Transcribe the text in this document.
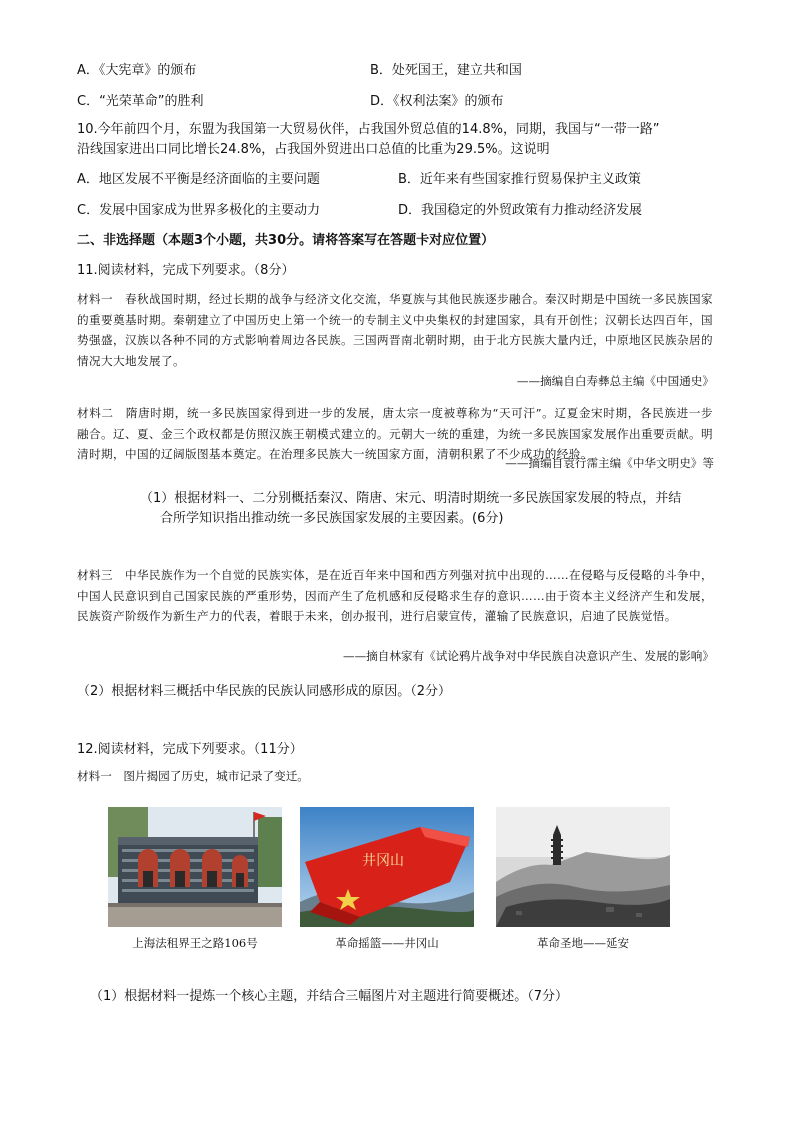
A．《大宪章》的颁布	B．处死国王，建立共和国
C．“光荣革命”的胜利	D．《权利法案》的颁布
10.今年前四个月，东盟为我国第一大贸易伙伴，占我国外贸总值的14.8%，同期，我国与“一带一路”
沿线国家进出口同比增长24.8%，占我国外贸进出口总值的比重为29.5%。这说明
A．地区发展不平衡是经济面临的主要问题	B．近年来有些国家推行贸易保护主义政策
C．发展中国家成为世界多极化的主要动力	D．我国稳定的外贸政策有力推动经济发展
二、非选择题（本题3个小题，共30分。请将答案写在答题卡对应位置）
11.阅读材料，完成下列要求。（8分）
材料一　春秋战国时期，经过长期的战争与经济文化交流，华夏族与其他民族逐步融合。秦汉时期是中国统一多民族国家的重要奠基时期。秦朝建立了中国历史上第一个统一的专制主义中央集权的封建国家，具有开创性；汉朝长达四百年，国势强盛，汉族以各种不同的方式影响着周边各民族。三国两晋南北朝时期，由于北方民族大量内迁，中原地区民族杂居的情况大大地发展了。
——摘编自白寿彝总主编《中国通史》
材料二　隋唐时期，统一多民族国家得到进一步的发展，唐太宗一度被尊称为“天可汗”。辽夏金宋时期，各民族进一步融合。辽、夏、金三个政权都是仿照汉族王朝模式建立的。元朝大一统的重建，为统一多民族国家发展作出重要贡献。明清时期，中国的辽阔版图基本奠定。在治理多民族大一统国家方面，清朝积累了不少成功的经验。
——摘编自袁行霈主编《中华文明史》等
（1）根据材料一、二分别概括秦汉、隋唐、宋元、明清时期统一多民族国家发展的特点，并结
合所学知识指出推动统一多民族国家发展的主要因素。(6分)
材料三　中华民族作为一个自觉的民族实体，是在近百年来中国和西方列强对抗中出现的……在侵略与反侵略的斗争中，中国人民意识到自己国家民族的严重形势，因而产生了危机感和反侵略求生存的意识……由于资本主义经济产生和发展，民族资产阶级作为新生产力的代表，着眼于未来，创办报刊，进行启蒙宣传，灌输了民族意识，启迪了民族觉悟。
——摘自林家有《试论鸦片战争对中华民族自决意识产生、发展的影响》
（2）根据材料三概括中华民族的民族认同感形成的原因。（2分）
12.阅读材料，完成下列要求。（11分）
材料一　图片揭园了历史，城市记录了变迁。
井冈山
上海法租界王之路106号	革命摇篮——井冈山	革命圣地——延安
（1）根据材料一提炼一个核心主题，并结合三幅图片对主题进行简要概述。（7分）
